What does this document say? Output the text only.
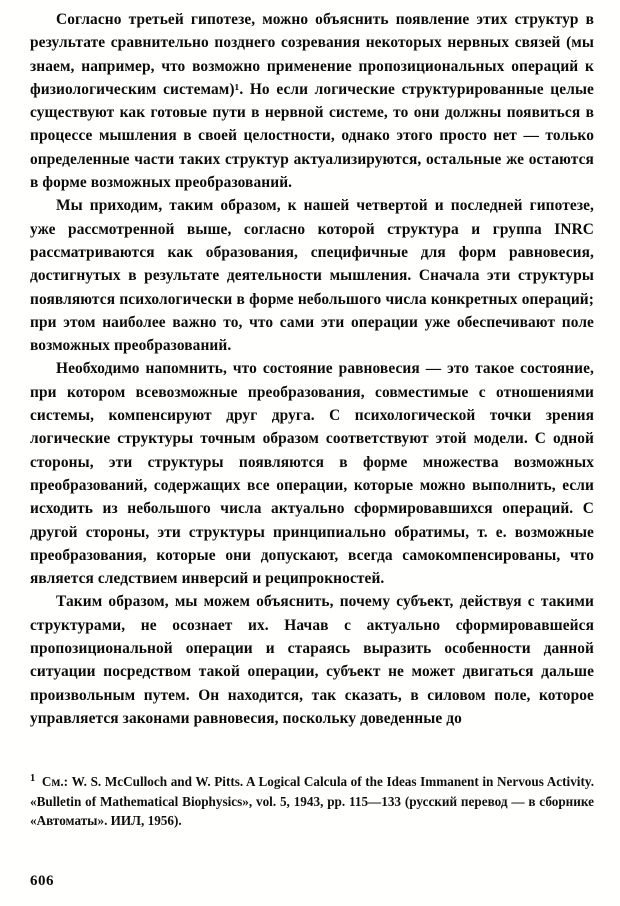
Согласно третьей гипотезе, можно объяснить появление этих структур в результате сравнительно позднего созревания некоторых нервных связей (мы знаем, например, что возможно применение пропозициональных операций к физиологическим системам)¹. Но если логические структурированные целые существуют как готовые пути в нервной системе, то они должны появиться в процессе мышления в своей целостности, однако этого просто нет — только определенные части таких структур актуализируются, остальные же остаются в форме возможных преобразований.

Мы приходим, таким образом, к нашей четвертой и последней гипотезе, уже рассмотренной выше, согласно которой структура и группа INRC рассматриваются как образования, специфичные для форм равновесия, достигнутых в результате деятельности мышления. Сначала эти структуры появляются психологически в форме небольшого числа конкретных операций; при этом наиболее важно то, что сами эти операции уже обеспечивают поле возможных преобразований.

Необходимо напомнить, что состояние равновесия — это такое состояние, при котором всевозможные преобразования, совместимые с отношениями системы, компенсируют друг друга. С психологической точки зрения логические структуры точным образом соответствуют этой модели. С одной стороны, эти структуры появляются в форме множества возможных преобразований, содержащих все операции, которые можно выполнить, если исходить из небольшого числа актуально сформировавшихся операций. С другой стороны, эти структуры принципиально обратимы, т. е. возможные преобразования, которые они допускают, всегда самокомпенсированы, что является следствием инверсий и реципрокностей.

Таким образом, мы можем объяснить, почему субъект, действуя с такими структурами, не осознает их. Начав с актуально сформировавшейся пропозициональной операции и стараясь выразить особенности данной ситуации посредством такой операции, субъект не может двигаться дальше произвольным путем. Он находится, так сказать, в силовом поле, которое управляется законами равновесия, поскольку доведенные до

$^1$ См.: W. S. McCulloch and W. Pitts. A Logical Calcula of the Ideas Immanent in Nervous Activity. «Bulletin of Mathematical Biophysics», vol. 5, 1943, pp. 115—133 (русский перевод — в сборнике «Автоматы». ИИЛ, 1956).
606
